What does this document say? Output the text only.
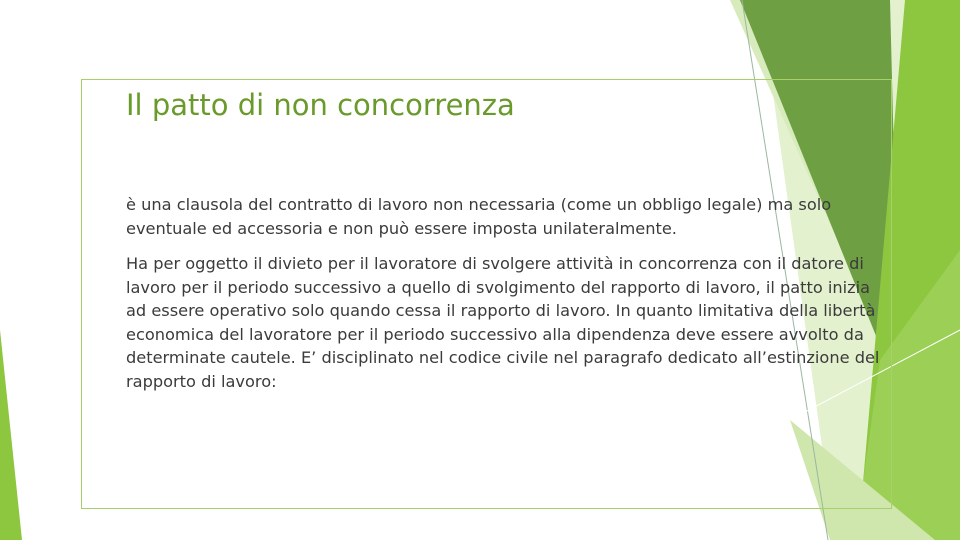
Il patto di non concorrenza

è una clausola del contratto di lavoro non necessaria (come un obbligo legale) ma solo eventuale ed accessoria e non può essere imposta unilateralmente.

Ha per oggetto il divieto per il lavoratore di svolgere attività in concorrenza con il datore di lavoro per il periodo successivo a quello di svolgimento del rapporto di lavoro, il patto inizia ad essere operativo solo quando cessa il rapporto di lavoro. In quanto limitativa della libertà economica del lavoratore per il periodo successivo alla dipendenza deve essere avvolto da determinate cautele. E’ disciplinato nel codice civile nel paragrafo dedicato all’estinzione del rapporto di lavoro:
